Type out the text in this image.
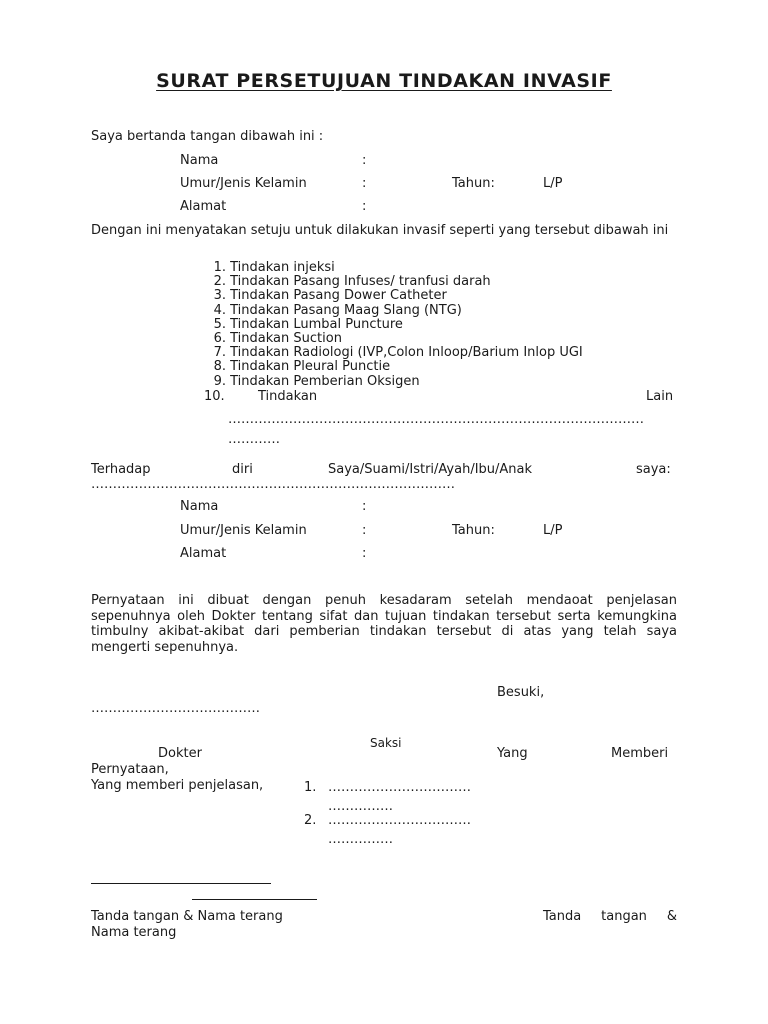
SURAT PERSETUJUAN TINDAKAN INVASIF
Saya bertanda tangan dibawah ini :
Nama	:
Umur/Jenis Kelamin	:	Tahun:	L/P
Alamat	:
Dengan ini menyatakan setuju untuk dilakukan invasif seperti yang tersebut dibawah ini
1. Tindakan injeksi
2. Tindakan Pasang Infuses/ tranfusi darah
3. Tindakan Pasang Dower Catheter
4. Tindakan Pasang Maag Slang (NTG)
5. Tindakan Lumbal Puncture
6. Tindakan Suction
7. Tindakan Radiologi (IVP,Colon Inloop/Barium Inlop UGI
8. Tindakan Pleural Punctie
9. Tindakan Pemberian Oksigen
10.	Tindakan	Lain
……………………………………………………………………………………
…………
Terhadap	diri	Saya/Suami/Istri/Ayah/Ibu/Anak	saya:
…………………………………………………………………………
Nama	:
Umur/Jenis Kelamin	:	Tahun:	L/P
Alamat	:
Pernyataan ini dibuat dengan penuh kesadaram setelah mendaoat penjelasan sepenuhnya oleh Dokter tentang sifat dan tujuan tindakan tersebut serta kemungkina timbulny akibat-akibat dari pemberian tindakan tersebut di atas yang telah saya mengerti sepenuhnya.
Besuki,
…………………………………
Saksi
Dokter	Yang	Memberi
Pernyataan,
Yang memberi penjelasan,	1. ……………………………
……………
2. ……………………………
……………
Tanda tangan & Nama terang	Tanda tangan &
Nama terang
